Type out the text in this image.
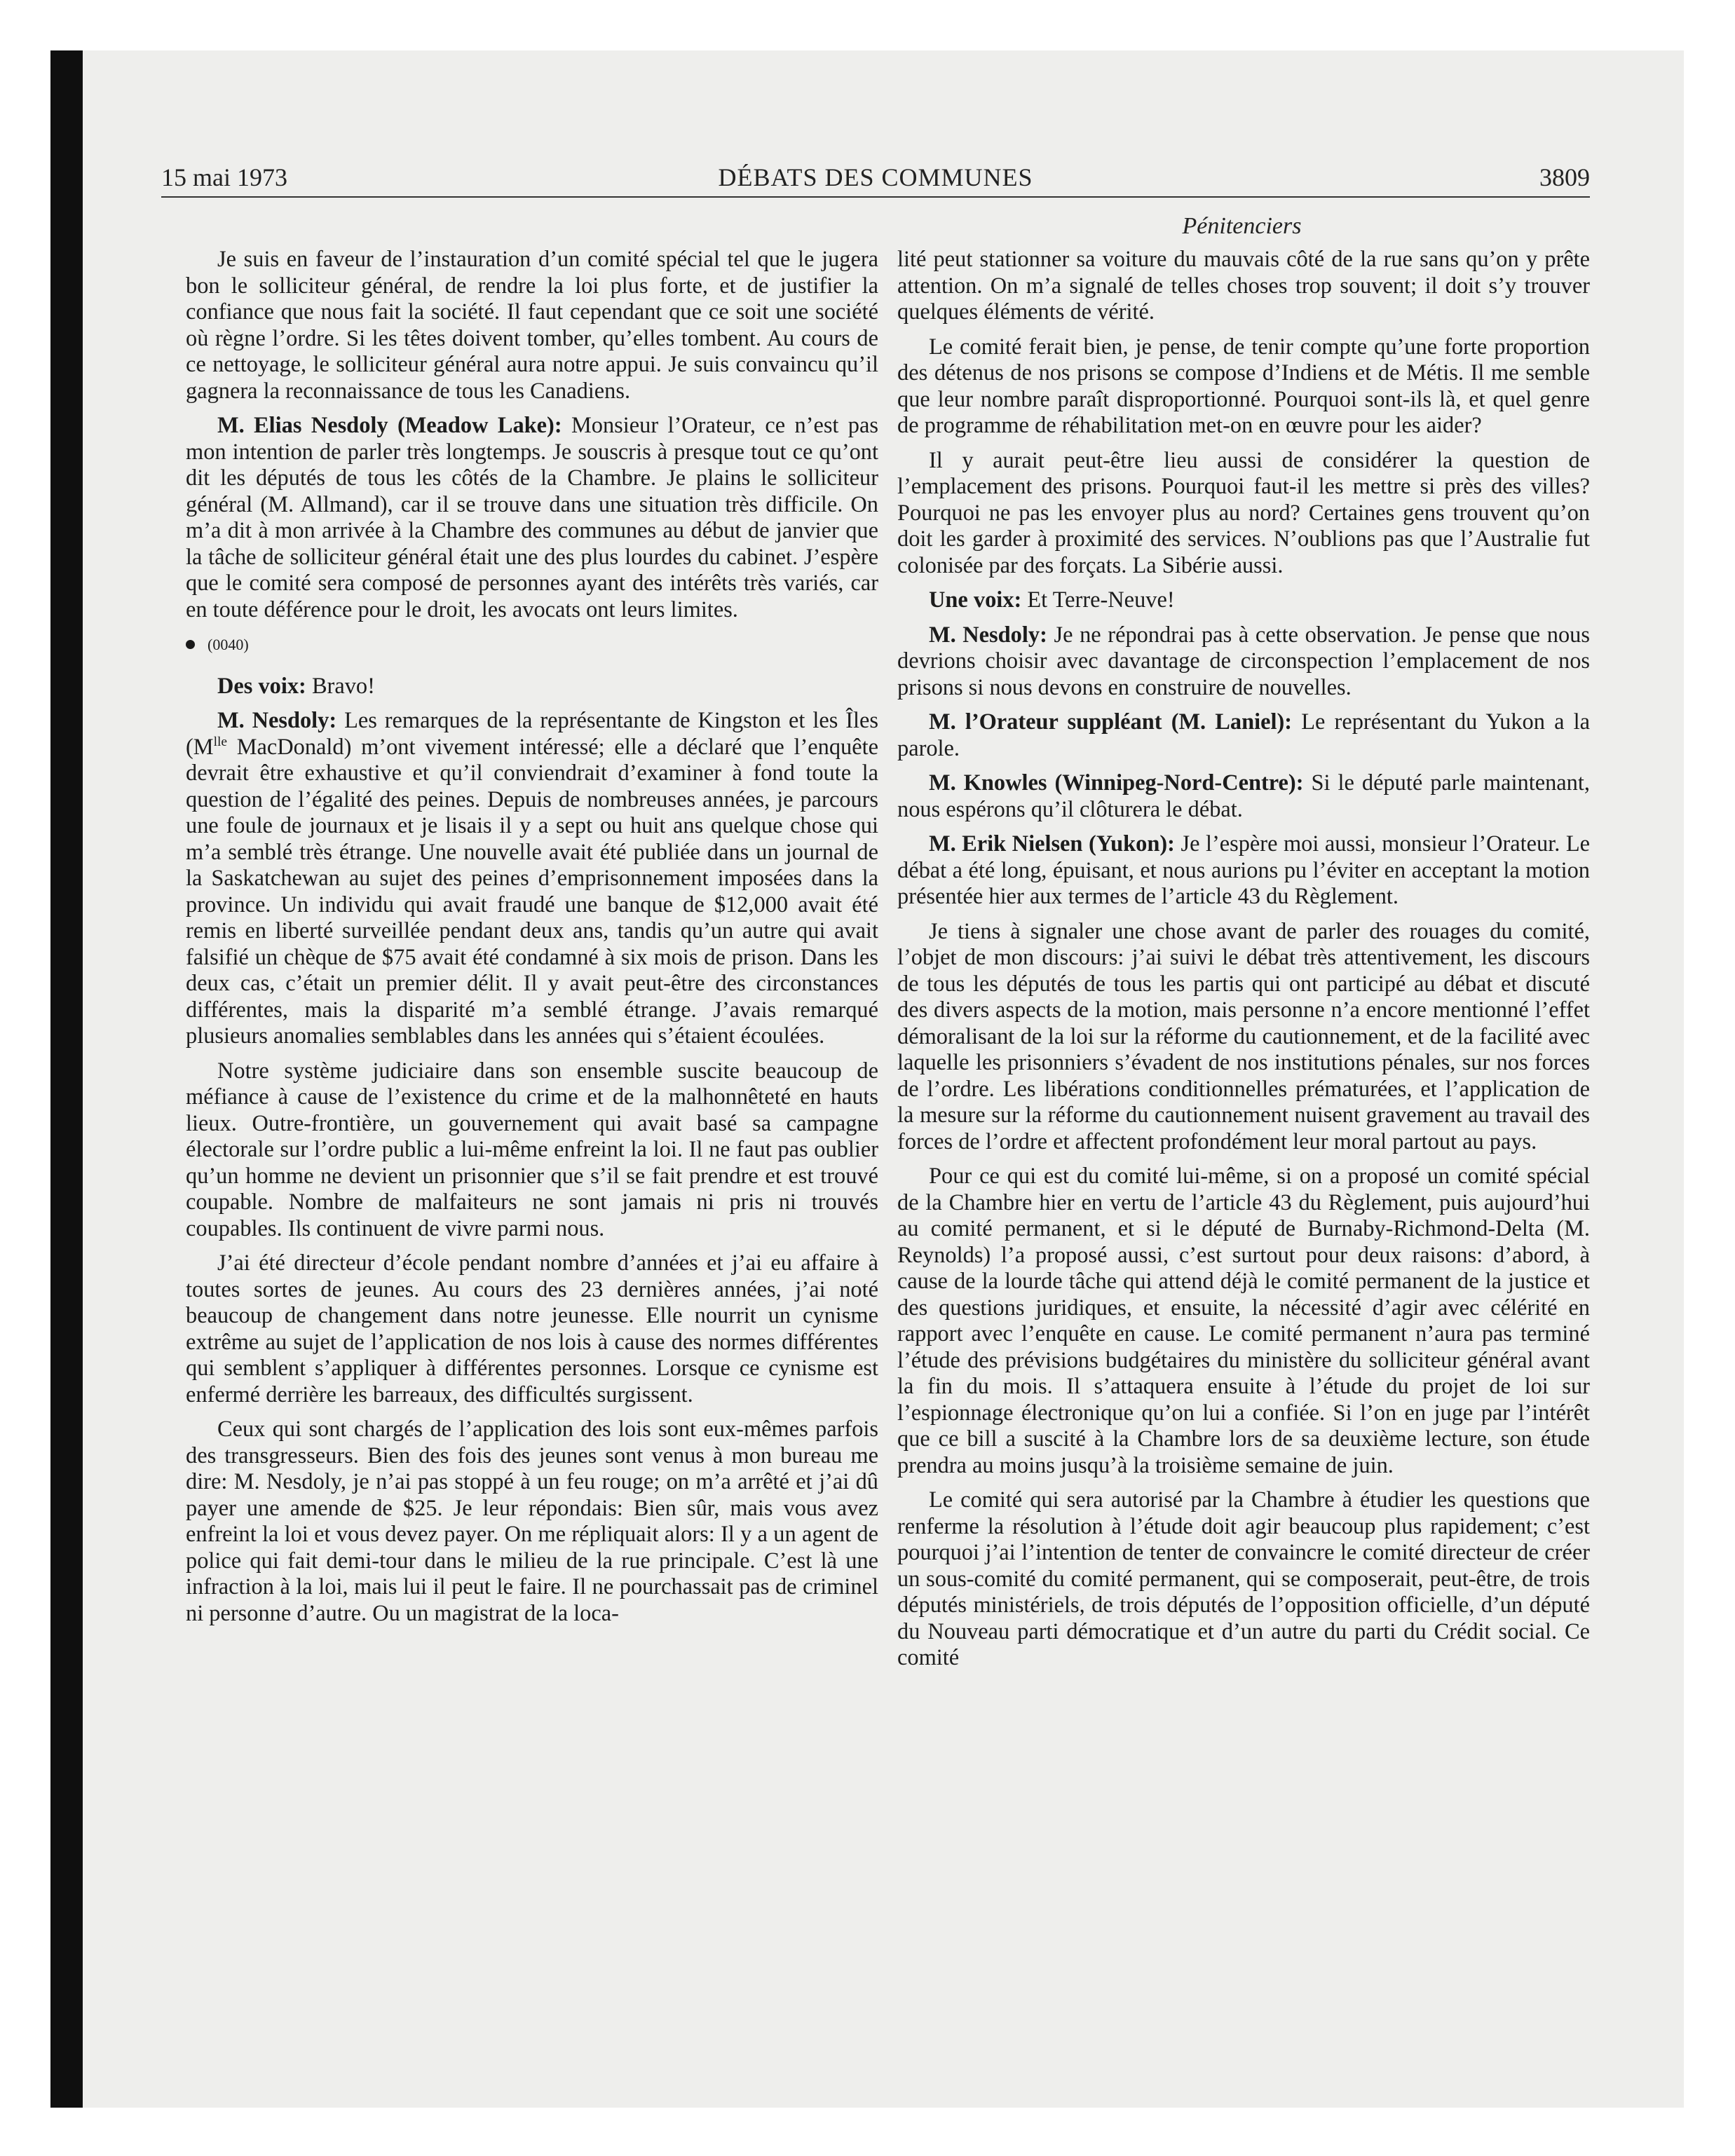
15 mai 1973	DÉBATS DES COMMUNES	3809
Pénitenciers

Je suis en faveur de l’instauration d’un comité spécial tel que le jugera bon le solliciteur général, de rendre la loi plus forte, et de justifier la confiance que nous fait la société. Il faut cependant que ce soit une société où règne l’ordre. Si les têtes doivent tomber, qu’elles tombent. Au cours de ce nettoyage, le solliciteur général aura notre appui. Je suis convaincu qu’il gagnera la reconnaissance de tous les Canadiens.

M. Elias Nesdoly (Meadow Lake): Monsieur l’Orateur, ce n’est pas mon intention de parler très longtemps. Je souscris à presque tout ce qu’ont dit les députés de tous les côtés de la Chambre. Je plains le solliciteur général (M. Allmand), car il se trouve dans une situation très difficile. On m’a dit à mon arrivée à la Chambre des communes au début de janvier que la tâche de solliciteur général était une des plus lourdes du cabinet. J’espère que le comité sera composé de personnes ayant des intérêts très variés, car en toute déférence pour le droit, les avocats ont leurs limites.

(0040)

Des voix: Bravo!

M. Nesdoly: Les remarques de la représentante de Kingston et les Îles ($M^{lle}$ MacDonald) m’ont vivement intéressé; elle a déclaré que l’enquête devrait être exhaustive et qu’il conviendrait d’examiner à fond toute la question de l’égalité des peines. Depuis de nombreuses années, je parcours une foule de journaux et je lisais il y a sept ou huit ans quelque chose qui m’a semblé très étrange. Une nouvelle avait été publiée dans un journal de la Saskatchewan au sujet des peines d’emprisonnement imposées dans la province. Un individu qui avait fraudé une banque de $12,000 avait été remis en liberté surveillée pendant deux ans, tandis qu’un autre qui avait falsifié un chèque de $75 avait été condamné à six mois de prison. Dans les deux cas, c’était un premier délit. Il y avait peut-être des circonstances différentes, mais la disparité m’a semblé étrange. J’avais remarqué plusieurs anomalies semblables dans les années qui s’étaient écoulées.

Notre système judiciaire dans son ensemble suscite beaucoup de méfiance à cause de l’existence du crime et de la malhonnêteté en hauts lieux. Outre-frontière, un gouvernement qui avait basé sa campagne électorale sur l’ordre public a lui-même enfreint la loi. Il ne faut pas oublier qu’un homme ne devient un prisonnier que s’il se fait prendre et est trouvé coupable. Nombre de malfaiteurs ne sont jamais ni pris ni trouvés coupables. Ils continuent de vivre parmi nous.

J’ai été directeur d’école pendant nombre d’années et j’ai eu affaire à toutes sortes de jeunes. Au cours des 23 dernières années, j’ai noté beaucoup de changement dans notre jeunesse. Elle nourrit un cynisme extrême au sujet de l’application de nos lois à cause des normes différentes qui semblent s’appliquer à différentes personnes. Lorsque ce cynisme est enfermé derrière les barreaux, des difficultés surgissent.

Ceux qui sont chargés de l’application des lois sont eux-mêmes parfois des transgresseurs. Bien des fois des jeunes sont venus à mon bureau me dire: M. Nesdoly, je n’ai pas stoppé à un feu rouge; on m’a arrêté et j’ai dû payer une amende de $25. Je leur répondais: Bien sûr, mais vous avez enfreint la loi et vous devez payer. On me répliquait alors: Il y a un agent de police qui fait demi-tour dans le milieu de la rue principale. C’est là une infraction à la loi, mais lui il peut le faire. Il ne pourchassait pas de criminel ni personne d’autre. Ou un magistrat de la loca-

lité peut stationner sa voiture du mauvais côté de la rue sans qu’on y prête attention. On m’a signalé de telles choses trop souvent; il doit s’y trouver quelques éléments de vérité.

Le comité ferait bien, je pense, de tenir compte qu’une forte proportion des détenus de nos prisons se compose d’Indiens et de Métis. Il me semble que leur nombre paraît disproportionné. Pourquoi sont-ils là, et quel genre de programme de réhabilitation met-on en œuvre pour les aider?

Il y aurait peut-être lieu aussi de considérer la question de l’emplacement des prisons. Pourquoi faut-il les mettre si près des villes? Pourquoi ne pas les envoyer plus au nord? Certaines gens trouvent qu’on doit les garder à proximité des services. N’oublions pas que l’Australie fut colonisée par des forçats. La Sibérie aussi.

Une voix: Et Terre-Neuve!

M. Nesdoly: Je ne répondrai pas à cette observation. Je pense que nous devrions choisir avec davantage de circonspection l’emplacement de nos prisons si nous devons en construire de nouvelles.

M. l’Orateur suppléant (M. Laniel): Le représentant du Yukon a la parole.

M. Knowles (Winnipeg-Nord-Centre): Si le député parle maintenant, nous espérons qu’il clôturera le débat.

M. Erik Nielsen (Yukon): Je l’espère moi aussi, monsieur l’Orateur. Le débat a été long, épuisant, et nous aurions pu l’éviter en acceptant la motion présentée hier aux termes de l’article 43 du Règlement.

Je tiens à signaler une chose avant de parler des rouages du comité, l’objet de mon discours: j’ai suivi le débat très attentivement, les discours de tous les députés de tous les partis qui ont participé au débat et discuté des divers aspects de la motion, mais personne n’a encore mentionné l’effet démoralisant de la loi sur la réforme du cautionnement, et de la facilité avec laquelle les prisonniers s’évadent de nos institutions pénales, sur nos forces de l’ordre. Les libérations conditionnelles prématurées, et l’application de la mesure sur la réforme du cautionnement nuisent gravement au travail des forces de l’ordre et affectent profondément leur moral partout au pays.

Pour ce qui est du comité lui-même, si on a proposé un comité spécial de la Chambre hier en vertu de l’article 43 du Règlement, puis aujourd’hui au comité permanent, et si le député de Burnaby-Richmond-Delta (M. Reynolds) l’a proposé aussi, c’est surtout pour deux raisons: d’abord, à cause de la lourde tâche qui attend déjà le comité permanent de la justice et des questions juridiques, et ensuite, la nécessité d’agir avec célérité en rapport avec l’enquête en cause. Le comité permanent n’aura pas terminé l’étude des prévisions budgétaires du ministère du solliciteur général avant la fin du mois. Il s’attaquera ensuite à l’étude du projet de loi sur l’espionnage électronique qu’on lui a confiée. Si l’on en juge par l’intérêt que ce bill a suscité à la Chambre lors de sa deuxième lecture, son étude prendra au moins jusqu’à la troisième semaine de juin.

Le comité qui sera autorisé par la Chambre à étudier les questions que renferme la résolution à l’étude doit agir beaucoup plus rapidement; c’est pourquoi j’ai l’intention de tenter de convaincre le comité directeur de créer un sous-comité du comité permanent, qui se composerait, peut-être, de trois députés ministériels, de trois députés de l’opposition officielle, d’un député du Nouveau parti démocratique et d’un autre du parti du Crédit social. Ce comité
